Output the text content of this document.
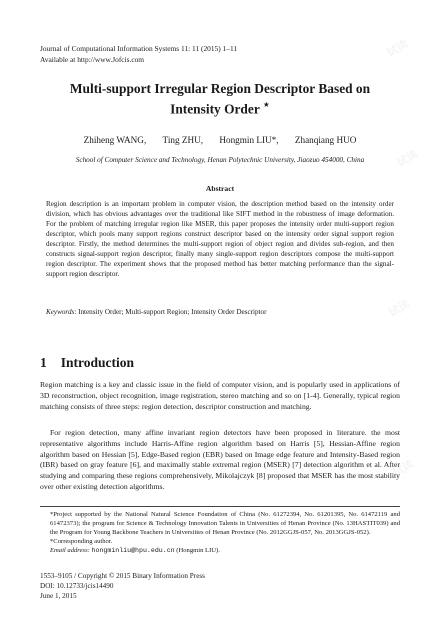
试读
试读
试读
试读
Journal of Computational Information Systems 11: 11 (2015) 1–11
Available at http://www.Jofcis.com
Multi-support Irregular Region Descriptor Based on
Intensity Order ⋆
Zhiheng WANG, Ting ZHU, Hongmin LIU*, Zhanqiang HUO
School of Computer Science and Technology, Henan Polytechnic University, Jiaozuo 454000, China
Abstract

Region description is an important problem in computer vision, the description method based on the intensity order division, which has obvious advantages over the traditional like SIFT method in the robustness of image deformation. For the problem of matching irregular region like MSER, this paper proposes the intensity order multi-support region descriptor, which pools many support regions construct descriptor based on the intensity order signal support region descriptor. Firstly, the method determines the multi-support region of object region and divides sub-region, and then constructs signal-support region descriptor, finally many single-support region descriptors compose the multi-support region descriptor. The experiment shows that the proposed method has better matching performance than the signal-support region descriptor.

Keywords: Intensity Order; Multi-support Region; Intensity Order Descriptor
1 Introduction

Region matching is a key and classic issue in the field of computer vision, and is popularly used in applications of 3D reconstruction, object recognition, image registration, stereo matching and so on [1-4]. Generally, typical region matching consists of three steps: region detection, descriptor construction and matching.

For region detection, many affine invariant region detectors have been proposed in literature. the most representative algorithms include Harris-Affine region algorithm based on Harris [5], Hessian-Affine region algorithm based on Hessian [5], Edge-Based region (EBR) based on Image edge feature and Intensity-Based region (IBR) based on gray feature [6], and maximally stable extremal region (MSER) [7] detection algorithm et al. After studying and comparing these regions comprehensively, Mikolajczyk [8] proposed that MSER has the most stability over other existing detection algorithms.

*Project supported by the National Natural Science Foundation of China (No. 61272394, No. 61201395, No. 61472119 and 61472373); the program for Science & Technology Innovation Talents in Universities of Henan Province (No. 13HASTIT039) and the Program for Young Backbone Teachers in Universities of Henan Province (No. 2012GGJS-057, No. 2013GGJS-052).

*Corresponding author.

Email address: hongminliu@hpu.edu.cn (Hongmin LIU).

1553–9105 / Copyright © 2015 Binary Information Press
DOI: 10.12733/jcis14490
June 1, 2015
